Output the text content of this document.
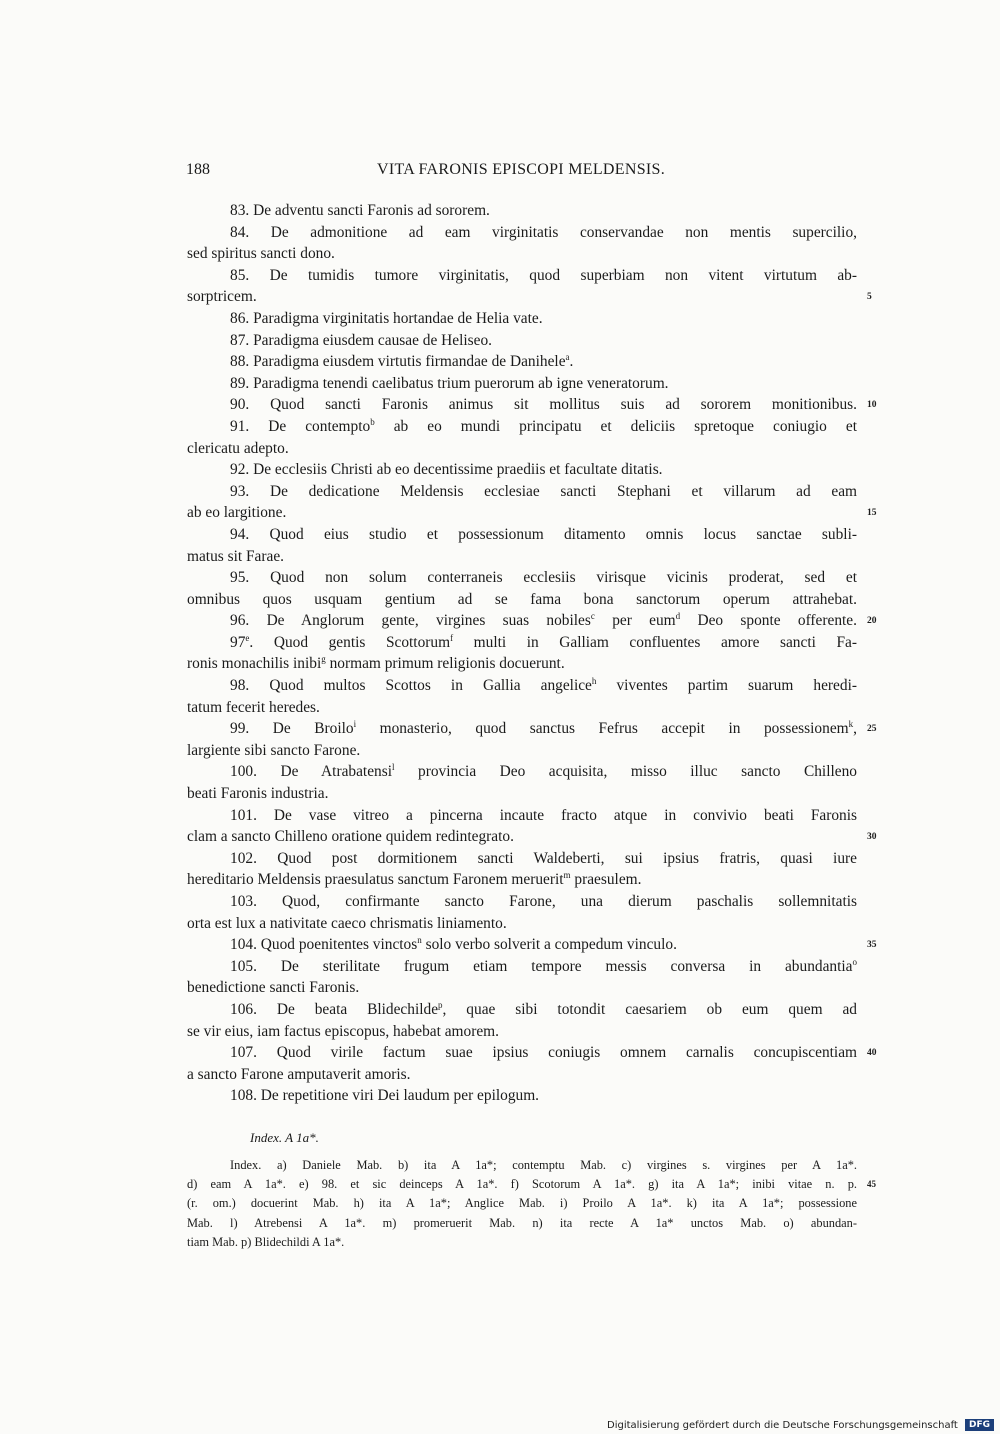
188	VITA FARONIS EPISCOPI MELDENSIS.
83. De adventu sancti Faronis ad sororem.
84. De admonitione ad eam virginitatis conservandae non mentis supercilio,
sed spiritus sancti dono.
85. De tumidis tumore virginitatis, quod superbiam non vitent virtutum ab-
sorptricem.	5
86. Paradigma virginitatis hortandae de Helia vate.
87. Paradigma eiusdem causae de Heliseo.
88. Paradigma eiusdem virtutis firmandae de Danihele$^a$.
89. Paradigma tenendi caelibatus trium puerorum ab igne veneratorum.
90. Quod sancti Faronis animus sit mollitus suis ad sororem monitionibus. 10
91. De contempto$^b$ ab eo mundi principatu et deliciis spretoque coniugio et
clericatu adepto.
92. De ecclesiis Christi ab eo decentissime praediis et facultate ditatis.
93. De dedicatione Meldensis ecclesiae sancti Stephani et villarum ad eam
ab eo largitione.	15
94. Quod eius studio et possessionum ditamento omnis locus sanctae subli-
matus sit Farae.
95. Quod non solum conterraneis ecclesiis virisque vicinis proderat, sed et
omnibus quos usquam gentium ad se fama bona sanctorum operum attrahebat.
96. De Anglorum gente, virgines suas nobiles$^c$ per eum$^d$ Deo sponte offerente. 20
97e. Quod gentis Scottorum$^f$ multi in Galliam confluentes amore sancti Fa-
ronis monachilis inibi$^g$ normam primum religionis docuerunt.
98. Quod multos Scottos in Gallia angelice$^h$ viventes partim suarum heredi-
tatum fecerit heredes.
99. De Broilo$^i$ monasterio, quod sanctus Fefrus accepit in possessionem$^k$, 25
largiente sibi sancto Farone.
100. De Atrabatensi$^l$ provincia Deo acquisita, misso illuc sancto Chilleno
beati Faronis industria.
101. De vase vitreo a pincerna incaute fracto atque in convivio beati Faronis
clam a sancto Chilleno oratione quidem redintegrato.	30
102. Quod post dormitionem sancti Waldeberti, sui ipsius fratris, quasi iure
hereditario Meldensis praesulatus sanctum Faronem meruerit$^m$ praesulem.
103. Quod, confirmante sancto Farone, una dierum paschalis sollemnitatis
orta est lux a nativitate caeco chrismatis liniamento.
104. Quod poenitentes vinctos$^n$ solo verbo solverit a compedum vinculo.	35
105. De sterilitate frugum etiam tempore messis conversa in abundantia$^o$
benedictione sancti Faronis.
106. De beata Blidechilde$^p$, quae sibi totondit caesariem ob eum quem ad
se vir eius, iam factus episcopus, habebat amorem.
107. Quod virile factum suae ipsius coniugis omnem carnalis concupiscentiam 40
a sancto Farone amputaverit amoris.
108. De repetitione viri Dei laudum per epilogum.
Index. A 1a*.
Index. a) Daniele Mab. b) ita A 1a*; contemptu Mab. c) virgines s. virgines per A 1a*.
d) eam A 1a*. e) 98. et sic deinceps A 1a*. f) Scotorum A 1a*. g) ita A 1a*; inibi vitae n. p. 45
(r. om.) docuerint Mab. h) ita A 1a*; Anglice Mab. i) Proilo A 1a*. k) ita A 1a*; possessione
Mab. l) Atrebensi A 1a*. m) promeruerit Mab. n) ita recte A 1a* unctos Mab. o) abundan-
tiam Mab. p) Blidechildi A 1a*.
Digitalisierung gefördert durch die Deutsche Forschungsgemeinschaft DFG
